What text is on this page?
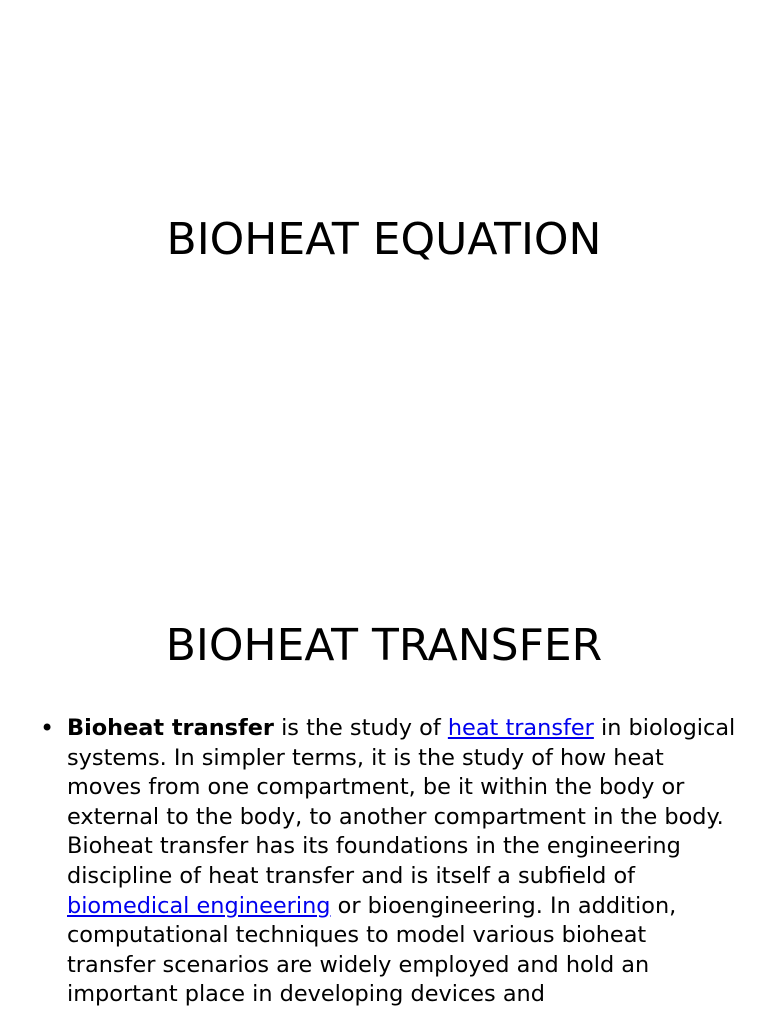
BIOHEAT EQUATION
BIOHEAT TRANSFER
• Bioheat transfer is the study of heat transfer in biological systems. In simpler terms, it is the study of how heat moves from one compartment, be it within the body or external to the body, to another compartment in the body. Bioheat transfer has its foundations in the engineering discipline of heat transfer and is itself a subfield of biomedical engineering or bioengineering. In addition, computational techniques to model various bioheat transfer scenarios are widely employed and hold an important place in developing devices and
